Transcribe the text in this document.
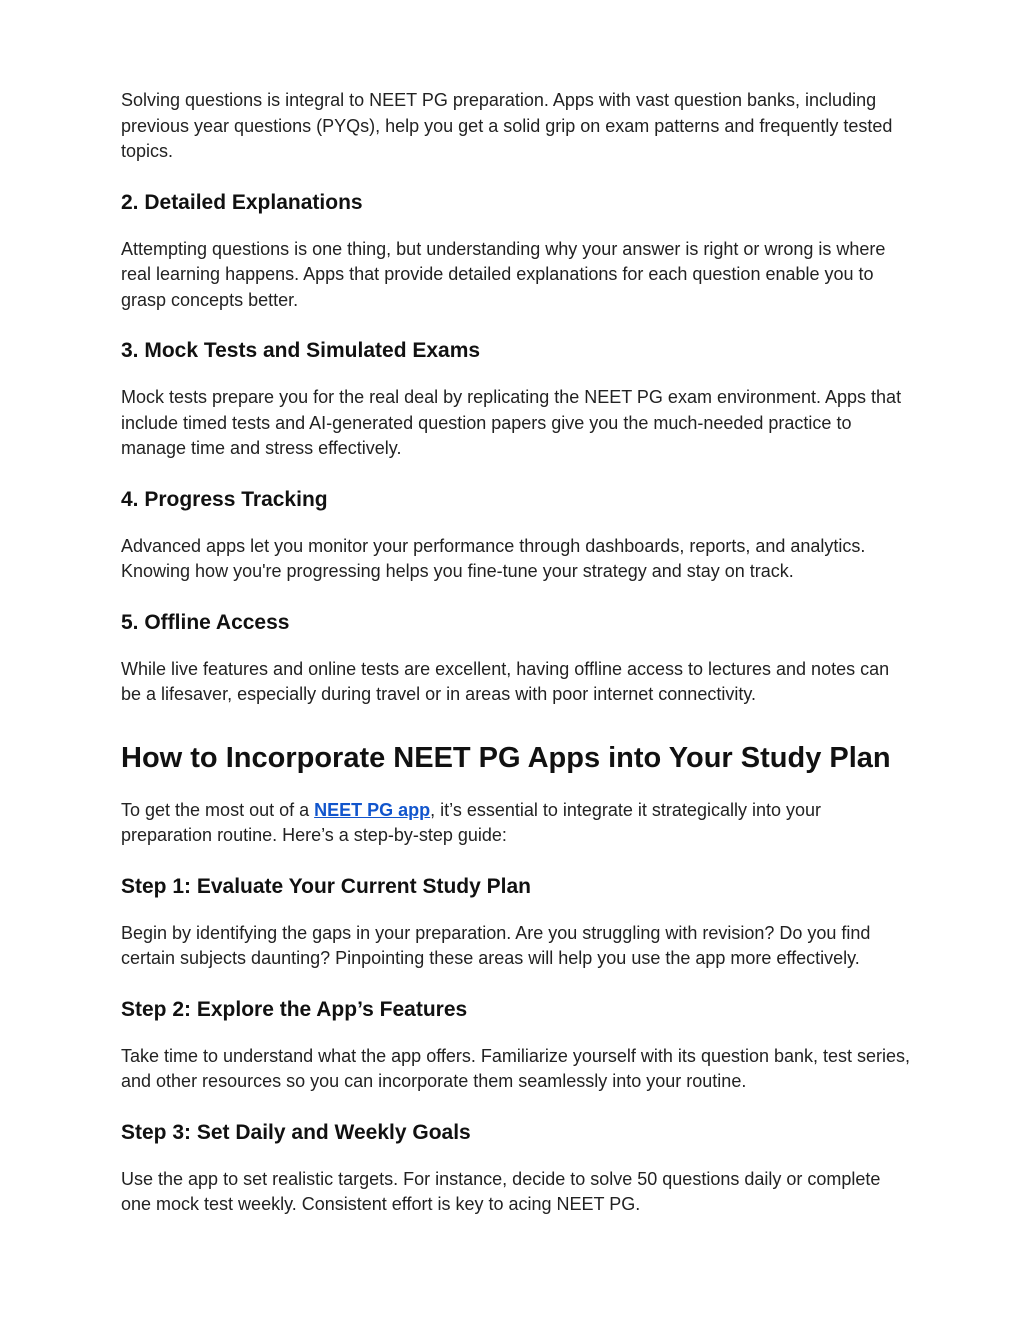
Solving questions is integral to NEET PG preparation. Apps with vast question banks, including previous year questions (PYQs), help you get a solid grip on exam patterns and frequently tested topics.

2. Detailed Explanations

Attempting questions is one thing, but understanding why your answer is right or wrong is where real learning happens. Apps that provide detailed explanations for each question enable you to grasp concepts better.

3. Mock Tests and Simulated Exams

Mock tests prepare you for the real deal by replicating the NEET PG exam environment. Apps that include timed tests and AI-generated question papers give you the much-needed practice to manage time and stress effectively.

4. Progress Tracking

Advanced apps let you monitor your performance through dashboards, reports, and analytics. Knowing how you're progressing helps you fine-tune your strategy and stay on track.

5. Offline Access

While live features and online tests are excellent, having offline access to lectures and notes can be a lifesaver, especially during travel or in areas with poor internet connectivity.

How to Incorporate NEET PG Apps into Your Study Plan

To get the most out of a NEET PG app, it’s essential to integrate it strategically into your preparation routine. Here’s a step-by-step guide:

Step 1: Evaluate Your Current Study Plan

Begin by identifying the gaps in your preparation. Are you struggling with revision? Do you find certain subjects daunting? Pinpointing these areas will help you use the app more effectively.

Step 2: Explore the App’s Features

Take time to understand what the app offers. Familiarize yourself with its question bank, test series, and other resources so you can incorporate them seamlessly into your routine.

Step 3: Set Daily and Weekly Goals

Use the app to set realistic targets. For instance, decide to solve 50 questions daily or complete one mock test weekly. Consistent effort is key to acing NEET PG.
